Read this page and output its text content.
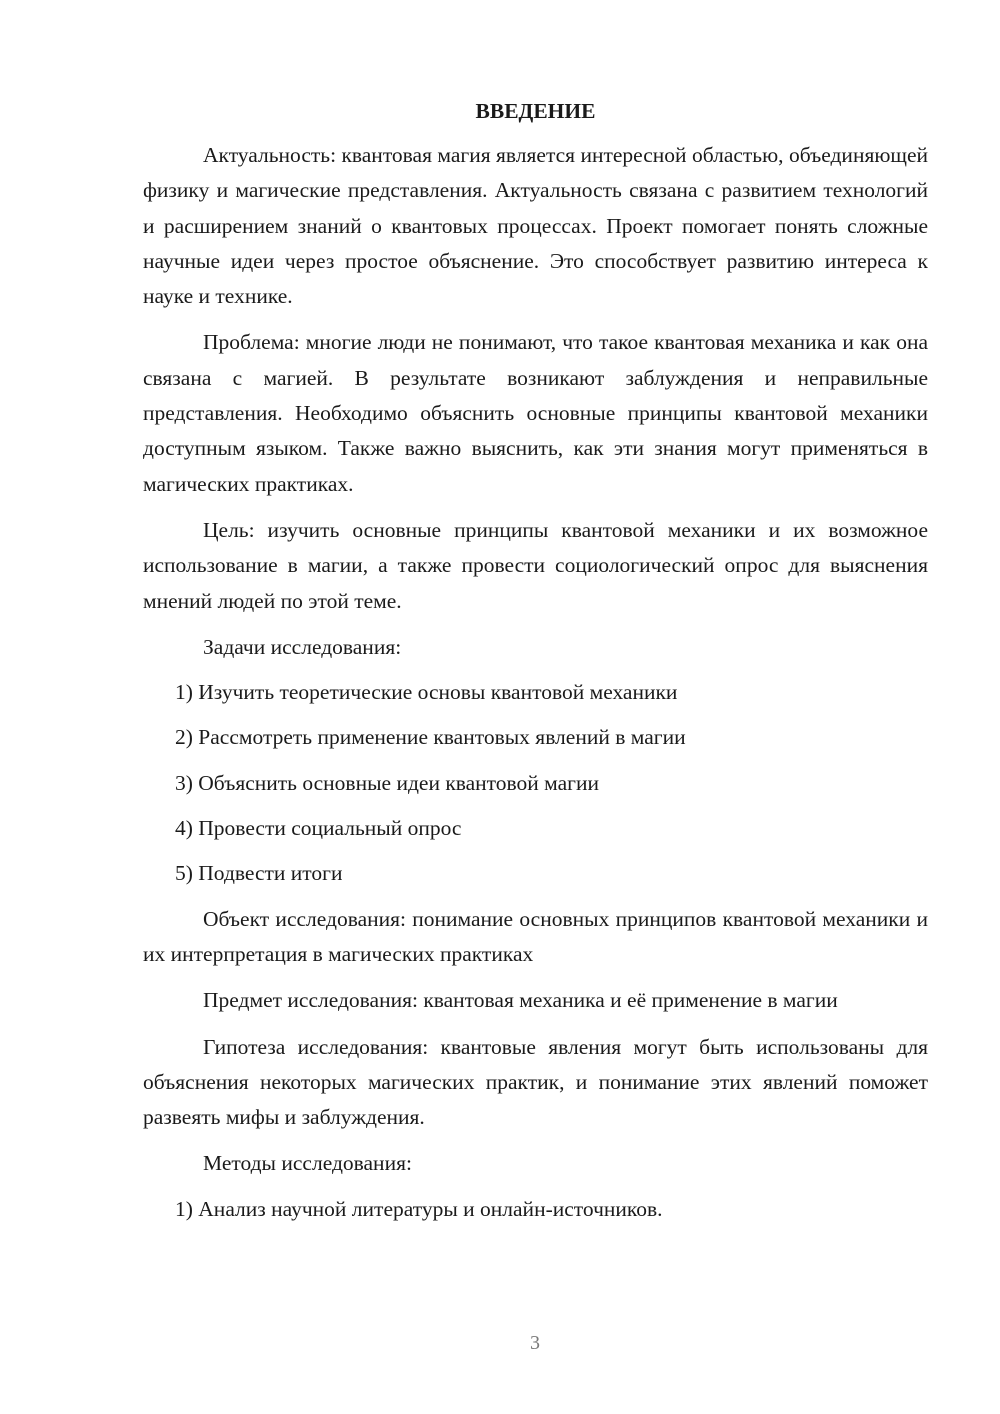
ВВЕДЕНИЕ

Актуальность: квантовая магия является интересной областью, объединяющей физику и магические представления. Актуальность связана с развитием технологий и расширением знаний о квантовых процессах. Проект помогает понять сложные научные идеи через простое объяснение. Это способствует развитию интереса к науке и технике.

Проблема: многие люди не понимают, что такое квантовая механика и как она связана с магией. В результате возникают заблуждения и неправильные представления. Необходимо объяснить основные принципы квантовой механики доступным языком. Также важно выяснить, как эти знания могут применяться в магических практиках.

Цель: изучить основные принципы квантовой механики и их возможное использование в магии, а также провести социологический опрос для выяснения мнений людей по этой теме.

Задачи исследования:
1) Изучить теоретические основы квантовой механики
2) Рассмотреть применение квантовых явлений в магии
3) Объяснить основные идеи квантовой магии
4) Провести социальный опрос
5) Подвести итоги

Объект исследования: понимание основных принципов квантовой механики и их интерпретация в магических практиках

Предмет исследования: квантовая механика и её применение в магии

Гипотеза исследования: квантовые явления могут быть использованы для объяснения некоторых магических практик, и понимание этих явлений поможет развеять мифы и заблуждения.

Методы исследования:
1) Анализ научной литературы и онлайн-источников.
3
